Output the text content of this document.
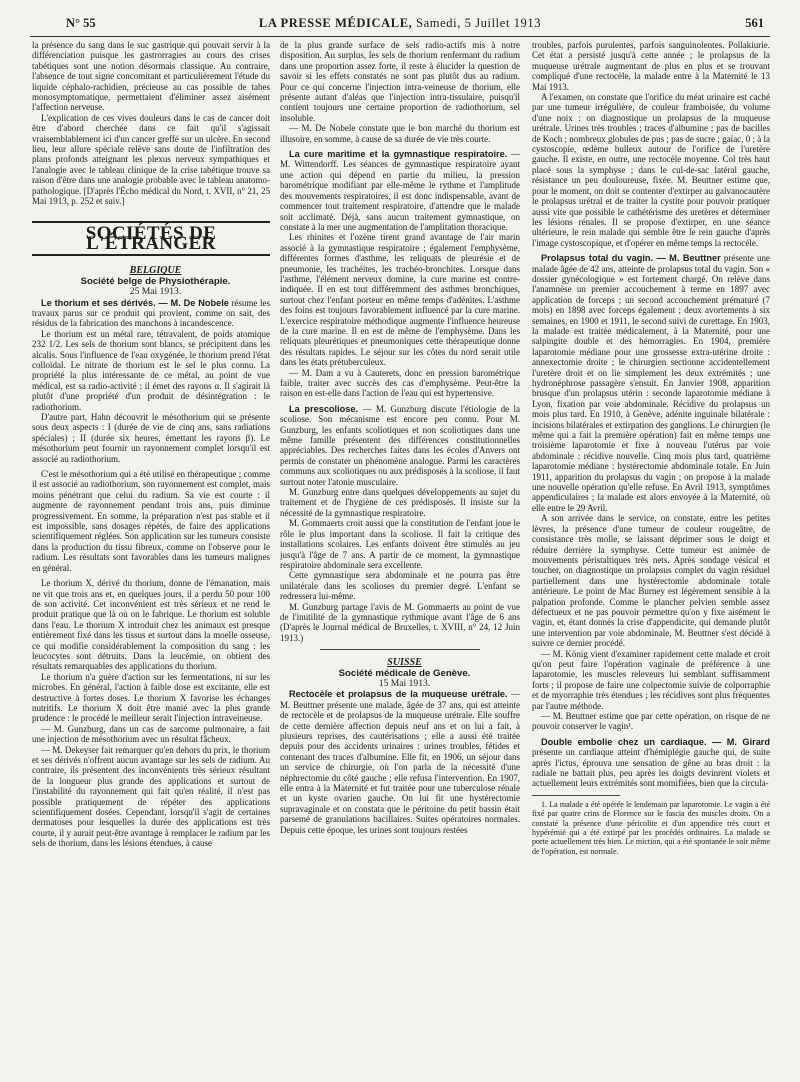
N° 55	LA PRESSE MÉDICALE, Samedi, 5 Juillet 1913	561

la présence du sang dans le suc gastrique qui pouvait servir à la différenciation puisque les gastrorragies au cours des crises tabétiques sont une notion désormais classique. Au contraire, l'absence de tout signe concomitant et particulièrement l'étude du liquide céphalo-rachidien, précieuse au cas possible de tabes monosymptomatique, permettaient d'éliminer assez aisément l'affection nerveuse.

L'explication de ces vives douleurs dans le cas de cancer doit être d'abord cherchée dans ce fait qu'il s'agissait vraisemblablement ici d'un cancer greffé sur un ulcère. En second lieu, leur allure spéciale relève sans doute de l'infiltration des plans profonds atteignant les plexus nerveux sympathiques et l'analogie avec le tableau clinique de la crise tabétique trouve sa raison d'être dans une analogie probable avec le tableau anatomo-pathologique. [D'après l'Écho médical du Nord, t. XVII, n° 21, 25 Mai 1913, p. 252 et suiv.]

SOCIÉTÉS DE L'ÉTRANGER

BELGIQUE

Société belge de Physiothérapie.

25 Mai 1913.

Le thorium et ses dérivés. — M. De Nobele résume les travaux parus sur ce produit qui provient, comme on sait, des résidus de la fabrication des manchons à incandescence.

Le thorium est un métal rare, tétravalent, de poids atomique 232 1/2. Les sels de thorium sont blancs, se précipitent dans les alcalis. Sous l'influence de l'eau oxygénée, le thorium prend l'état colloïdal. Le nitrate de thorium est le sel le plus connu. La propriété la plus intéressante de ce métal, au point de vue médical, est sa radio-activité : il émet des rayons α. Il s'agirait là plutôt d'une propriété d'un produit de désintégration : le radiothorium.

D'autre part, Hahn découvrit le mésothorium qui se présente sous deux aspects : I (durée de vie de cinq ans, sans radiations spéciales) ; II (durée six heures, émettant les rayons β). Le mésothorium peut fournir un rayonnement complet lorsqu'il est associé au radiothorium.

C'est le mésothorium qui a été utilisé en thérapeutique ; comme il est associé au radiothorium, son rayonnement est complet, mais moins pénétrant que celui du radium. Sa vie est courte : il augmente de rayonnement pendant trois ans, puis diminue progressivement. En somme, la préparation n'est pas stable et il est impossible, sans dosages répétés, de faire des applications scientifiquement réglées. Son application sur les tumeurs consiste dans la production du tissu fibreux, comme on l'observe pour le radium. Les résultats sont favorables dans les tumeurs malignes en général.

Le thorium X, dérivé du thorium, donne de l'émanation, mais ne vit que trois ans et, en quelques jours, il a perdu 50 pour 100 de son activité. Cet inconvénient est très sérieux et ne rend le produit pratique que là où on le fabrique. Le thorium est soluble dans l'eau. Le thorium X introduit chez les animaux est presque entièrement fixé dans les tissus et surtout dans la moelle osseuse, ce qui modifie considérablement la composition du sang : les leucocytes sont détruits. Dans la leucémie, on obtient des résultats remarquables des applications du thorium.

Le thorium n'a guère d'action sur les fermentations, ni sur les microbes. En général, l'action à faible dose est excitante, elle est destructive à fortes doses. Le thorium X favorise les échanges nutritifs. Le thorium X doit être manié avec la plus grande prudence : le procédé le meilleur serait l'injection intraveineuse.

— M. Gunzburg, dans un cas de sarcome pulmonaire, a fait une injection de mésothorium avec un résultat fâcheux.

— M. Dekeyser fait remarquer qu'en dehors du prix, le thorium et ses dérivés n'offrent aucun avantage sur les sels de radium. Au contraire, ils présentent des inconvénients très sérieux résultant de la longueur plus grande des applications et surtout de l'instabilité du rayonnement qui fait qu'en réalité, il n'est pas possible pratiquement de répéter des applications scientifiquement dosées. Cependant, lorsqu'il s'agit de certaines dermatoses pour lesquelles la durée des applications est très courte, il y aurait peut-être avantage à remplacer le radium par les sels de thorium, dans les lésions étendues, à cause

de la plus grande surface de sels radio-actifs mis à notre disposition. Au surplus, les sels de thorium renfermant du radium dans une proportion assez forte, il reste à élucider la question de savoir si les effets constatés ne sont pas plutôt dus au radium. Pour ce qui concerne l'injection intra-veineuse de thorium, elle présente autant d'aléas que l'injection intra-tissulaire, puisqu'il contient toujours une certaine proportion de radiothorium, sel insoluble.

— M. De Nobele constate que le bon marché du thorium est illusoire, en somme, à cause de sa durée de vie très courte.

La cure maritime et la gymnastique respiratoire. — M. Wittendorff. Les séances de gymnastique respiratoire ayant une action qui dépend en partie du milieu, la pression barométrique modifiant par elle-même le rythme et l'amplitude des mouvements respiratoires, il est donc indispensable, avant de commencer tout traitement respiratoire, d'attendre que le malade soit acclimaté. Déjà, sans aucun traitement gymnastique, on constate à la mer une augmentation de l'amplitation thoracique.

Les rhinites et l'ozène tirent grand avantage de l'air marin associé à la gymnastique respiratoire ; également l'emphysème, différentes formes d'asthme, les reliquats de pleurésie et de pneumonie, les trachéites, les trachéo-bronchites. Lorsque dans l'asthme, l'élément nerveux domine, la cure marine est contre-indiquée. Il en est tout différemment des asthmes bronchiques, surtout chez l'enfant porteur en même temps d'adénites. L'asthme des foins est toujours favorablement influencé par la cure marine. L'exercice respiratoire méthodique augmente l'influence heureuse de la cure marine. Il en est de même de l'emphysème. Dans les reliquats pleurétiques et pneumoniques cette thérapeutique donne des résultats rapides. Le séjour sur les côtes du nord serait utile dans les états prétuberculeux.

— M. Dam a vu à Cauterets, donc en pression barométrique faible, traiter avec succès des cas d'emphysème. Peut-être la raison en est-elle dans l'action de l'eau qui est hypertensive.

La prescoliose. — M. Gunzburg discute l'étiologie de la scoliose. Son mécanisme est encore peu connu. Pour M. Gunzburg, les enfants scoliotiques et non scoliotiques dans une même famille présentent des différences constitutionnelles appréciables. Des recherches faites dans les écoles d'Anvers ont permis de constater un phénomène analogue. Parmi les caractères communs aux scoliotiques ou aux prédisposés à la scoliose, il faut surtout noter l'atonie musculaire.

M. Gunzburg entre dans quelques développements au sujet du traitement et de l'hygiène de ces prédisposés. Il insiste sur la nécessité de la gymnastique respiratoire.

M. Gommaerts croit aussi que la constitution de l'enfant joue le rôle le plus important dans la scoliose. Il fait la critique des installations scolaires. Les enfants doivent être stimulés au jeu jusqu'à l'âge de 7 ans. A partir de ce moment, la gymnastique respiratoire abdominale sera excellente.

Cette gymnastique sera abdominale et ne pourra pas être unilatérale dans les scolioses du premier degré. L'enfant se redressera lui-même.

M. Gunzburg partage l'avis de M. Gommaerts au point de vue de l'inutilité de la gymnastique rythmique avant l'âge de 6 ans (D'après le Journal médical de Bruxelles, t. XVIII, n° 24, 12 Juin 1913.)

SUISSE

Société médicale de Genève.

15 Mai 1913.

Rectocèle et prolapsus de la muqueuse urétrale. — M. Beuttner présente une malade, âgée de 37 ans, qui est atteinte de rectocèle et de prolapsus de la muqueuse urétrale. Elle souffre de cette dernière affection depuis neuf ans et on lui a fait, à plusieurs reprises, des cautérisations ; elle a aussi été traitée depuis pour des accidents urinaires : urines troubles, fétides et contenant des traces d'albumine. Elle fit, en 1906, un séjour dans un service de chirurgie, où l'on parla de la nécessité d'une néphrectomie du côté gauche ; elle refusa l'intervention. En 1907, elle entra à la Maternité et fut traitée pour une tuberculose rénale et un kyste ovarien gauche. On lui fit une hystérectomie supravaginale et on constata que le péritoine du petit bassin était parsemé de granulations bacillaires. Suites opératoires normales. Depuis cette époque, les urines sont toujours restées

troubles, parfois purulentes, parfois sanguinolentes. Pollakiurie. Cet état a persisté jusqu'à cette année ; le prolapsus de la muqueuse urétrale augmentant de plus en plus et se trouvant compliqué d'une rectocèle, la malade entre à la Maternité le 13 Mai 1913.

A l'examen, on constate que l'orifice du méat urinaire est caché par une tumeur irrégulière, de couleur framboisée, du volume d'une noix : on diagnostique un prolapsus de la muqueuse urétrale. Urines très troubles ; traces d'albumine ; pas de bacilles de Koch ; nombreux globules de pus ; pas de sucre ; gaïac, 0 ; à la cystoscopie, œdème bulleux autour de l'orifice de l'uretère gauche. Il existe, en outre, une rectocèle moyenne. Col très haut placé sous la symphyse ; dans le cul-de-sac latéral gauche, résistance un peu douloureuse, fixée. M. Beuttner estime que, pour le moment, on doit se contenter d'extirper au galvanocautère le prolapsus urétral et de traiter la cystite pour pouvoir pratiquer aussi vite que possible le cathétérisme des uretères et déterminer les lésions rénales. Il se propose d'extirper, en une séance ultérieure, le rein malade qui semble être le rein gauche d'après l'image cystoscopique, et d'opérer en même temps la rectocèle.

Prolapsus total du vagin. — M. Beuttner présente une malade âgée de 42 ans, atteinte de prolapsus total du vagin. Son « dossier gynécologique » est fortement chargé. On relève dans l'anamnèse un premier accouchement à terme en 1897 avec application de forceps ; un second accouchement prématuré (7 mois) en 1898 avec forceps également ; deux avortements à six semaines, en 1900 et 1911, le second suivi de curettage. En 1903, la malade est traitée médicalement, à la Maternité, pour une salpingite double et des hémorragies. En 1904, première laparotomie médiane pour une grossesse extra-utérine droite : annexectomie droite ; le chirurgien sectionne accidentellement l'uretère droit et on lie simplement les deux extrémités ; une hydronéphrose passagère s'ensuit. En Janvier 1908, apparition brusque d'un prolapsus utérin : seconde laparotomie médiane à Lyon, fixation par voie abdominale. Récidive du prolapsus un mois plus tard. En 1910, à Genève, adénite inguinale bilatérale : incisions bilatérales et extirpation des ganglions. Le chirurgien (le même qui a fait la première opération) fait en même temps une troisième laparotomie et fixe à nouveau l'utérus par voie abdominale : récidive nouvelle. Cinq mois plus tard, quatrième laparotomie médiane : hystérectomie abdominale totale. En Juin 1911, apparition du prolapsus du vagin ; on propose à la malade une nouvelle opération qu'elle refuse. En Avril 1913, symptômes appendiculaires ; la malade est alors envoyée à la Maternité, où elle entre le 29 Avril.

A son arrivée dans le service, on constate, entre les petites lèvres, la présence d'une tumeur de couleur rougeâtre, de consistance très molle, se laissant déprimer sous le doigt et réduire derrière la symphyse. Cette tumeur est animée de mouvements péristaltiques très nets. Après sondage vésical et toucher, on diagnostique un prolapsus complet du vagin résiduel partiellement dans une hystérectomie abdominale totale antérieure. Le point de Mac Burney est légèrement sensible à la palpation profonde. Comme le plancher pelvien semble assez défectueux et ne pas pouvoir permettre qu'on y fixe aisément le vagin, et, étant donnés la crise d'appendicite, qui demande plutôt une intervention par voie abdominale, M. Beuttner s'est décidé à suivre ce dernier procédé.

— M. König vient d'examiner rapidement cette malade et croit qu'on peut faire l'opération vaginale de préférence à une laparotomie, les muscles releveurs lui semblant suffisamment forts ; il propose de faire une colpectomie suivie de colporraphie et de myorraphie très étendues ; les récidives sont plus fréquentes par l'autre méthode.

— M. Beuttner estime que par cette opération, on risque de ne pouvoir conserver le vagin¹.

Double embolie chez un cardiaque. — M. Girard présente un cardiaque atteint d'hémiplégie gauche qui, de suite après l'ictus, éprouva une sensation de gêne au bras droit : la radiale ne battait plus, peu après les doigts devinrent violets et actuellement leurs extrémités sont momifiées, bien que la circula-

1. La malade a été opérée le lendemain par laparotomie. Le vagin a été fixé par quatre crins de Florence sur le fascia des muscles droits. On a constaté la présence d'une péricolite et d'un appendice très court et hypérémié qui a été extirpé par les procédés ordinaires. La malade se porte actuellement très bien. Le miction, qui a été spontanée le soir même de l'opération, est normale.
